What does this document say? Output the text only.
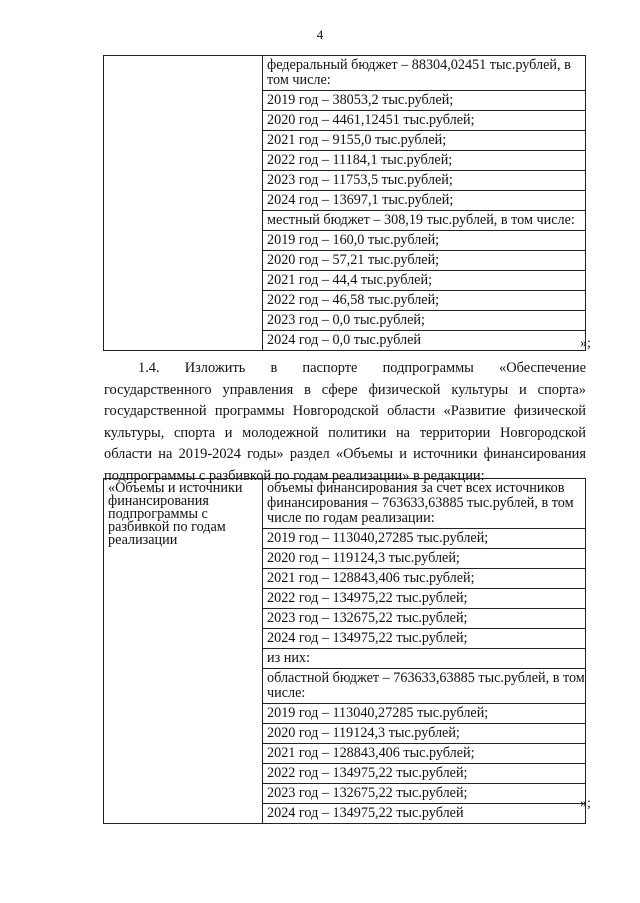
4

федеральный бюджет – 88304,02451 тыс.рублей, в том числе:
2019 год – 38053,2 тыс.рублей;
2020 год – 4461,12451 тыс.рублей;
2021 год – 9155,0 тыс.рублей;
2022 год – 11184,1 тыс.рублей;
2023 год – 11753,5 тыс.рублей;
2024 год – 13697,1 тыс.рублей;
местный бюджет – 308,19 тыс.рублей, в том числе:
2019 год – 160,0 тыс.рублей;
2020 год – 57,21 тыс.рублей;
2021 год – 44,4 тыс.рублей;
2022 год – 46,58 тыс.рублей;
2023 год – 0,0 тыс.рублей;
2024 год – 0,0 тыс.рублей	»;
1.4. Изложить в паспорте подпрограммы «Обеспечение государственного управления в сфере физической культуры и спорта» государственной программы Новгородской области «Развитие физической культуры, спорта и молодежной политики на территории Новгородской области на 2019-2024 годы» раздел «Объемы и источники финансирования подпрограммы с разбивкой по годам реализации» в редакции:
«Объемы и источники финансирования подпрограммы с разбивкой по годам реализации	
объемы финансирования за счет всех источников финансирования – 763633,63885 тыс.рублей, в том числе по годам реализации:
2019 год – 113040,27285 тыс.рублей;
2020 год – 119124,3 тыс.рублей;
2021 год – 128843,406 тыс.рублей;
2022 год – 134975,22 тыс.рублей;
2023 год – 132675,22 тыс.рублей;
2024 год – 134975,22 тыс.рублей;
из них:
областной бюджет – 763633,63885 тыс.рублей, в том числе:
2019 год – 113040,27285 тыс.рублей;
2020 год – 119124,3 тыс.рублей;
2021 год – 128843,406 тыс.рублей;
2022 год – 134975,22 тыс.рублей;
2023 год – 132675,22 тыс.рублей;
2024 год – 134975,22 тыс.рублей
»;
